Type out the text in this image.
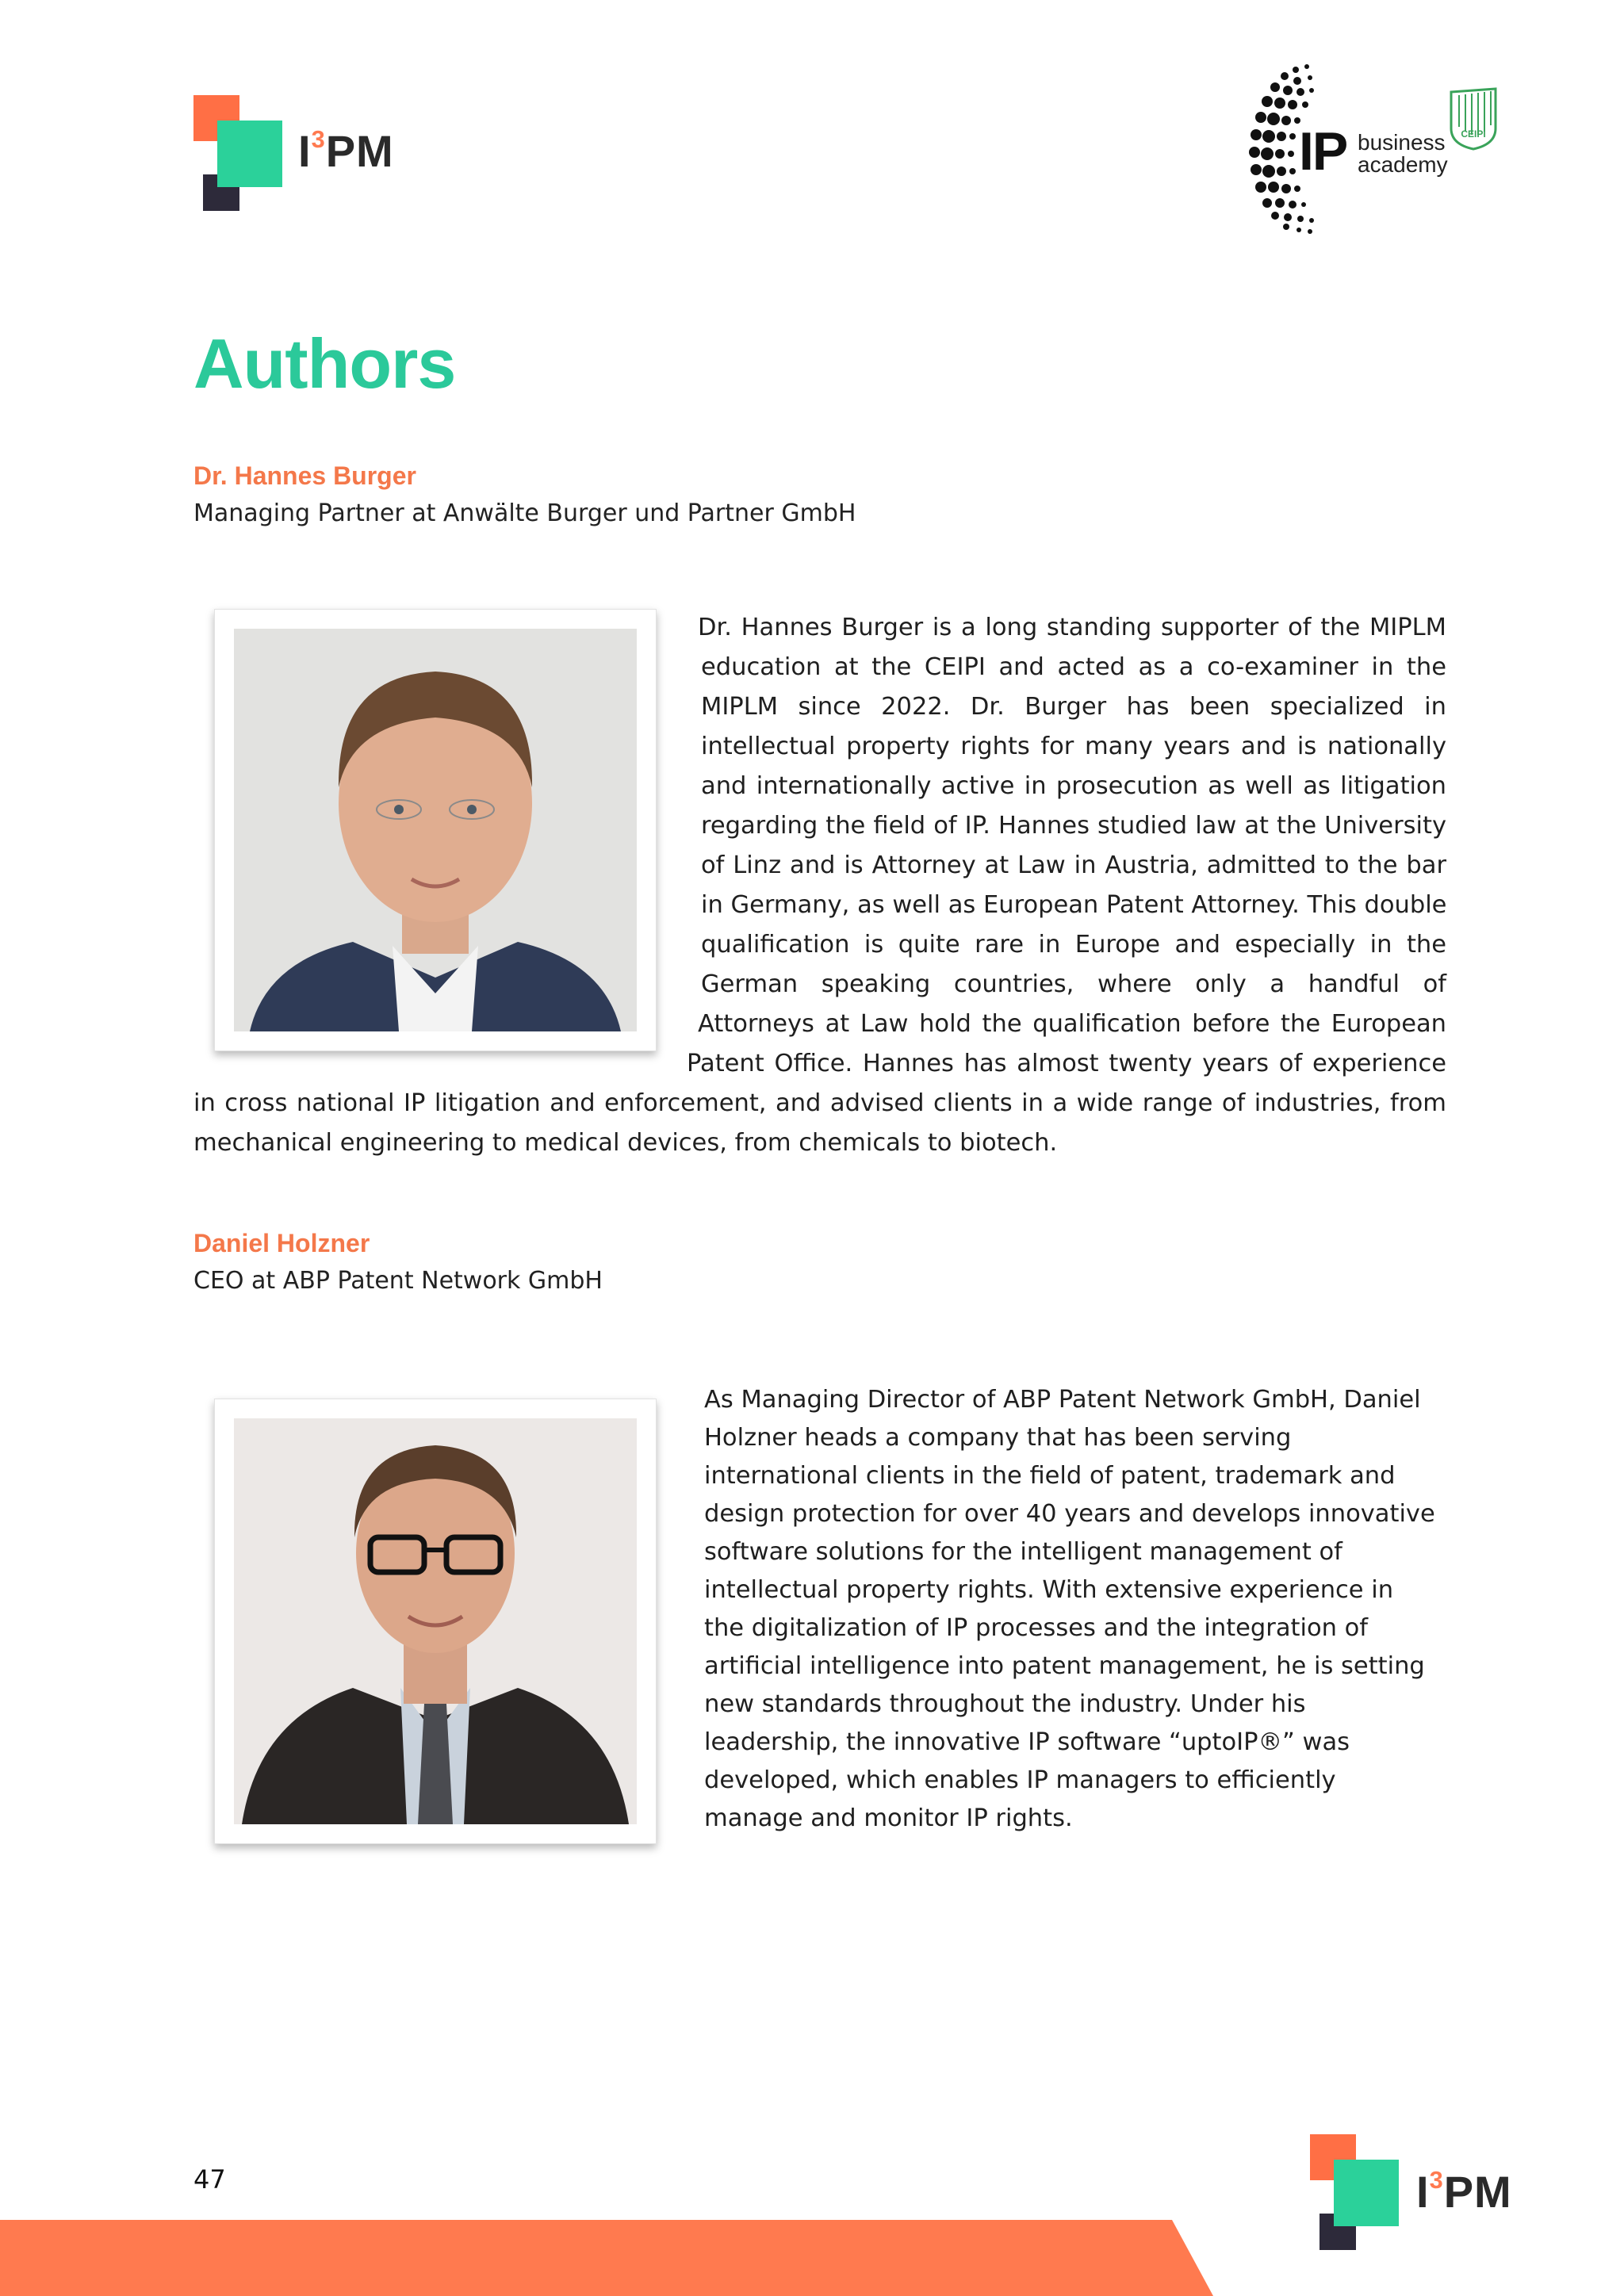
$I^3PM$	IP business
academy
CEIPI
Authors
Dr. Hannes Burger
Managing Partner at Anwälte Burger und Partner GmbH
Dr. Hannes Burger is a long standing supporter of the MIPLM
education at the CEIPI and acted as a co-examiner in the
MIPLM since 2022. Dr. Burger has been specialized in
intellectual property rights for many years and is nationally
and internationally active in prosecution as well as litigation
regarding the field of IP. Hannes studied law at the University
of Linz and is Attorney at Law in Austria, admitted to the bar
in Germany, as well as European Patent Attorney. This double
qualification is quite rare in Europe and especially in the
German speaking countries, where only a handful of
Attorneys at Law hold the qualification before the European
Patent Office. Hannes has almost twenty years of experience
in cross national IP litigation and enforcement, and advised clients in a wide range of industries, from
mechanical engineering to medical devices, from chemicals to biotech.
Daniel Holzner
CEO at ABP Patent Network GmbH
As Managing Director of ABP Patent Network GmbH, Daniel
Holzner heads a company that has been serving
international clients in the field of patent, trademark and
design protection for over 40 years and develops innovative
software solutions for the intelligent management of
intellectual property rights. With extensive experience in
the digitalization of IP processes and the integration of
artificial intelligence into patent management, he is setting
new standards throughout the industry. Under his
leadership, the innovative IP software “uptoIP®” was
developed, which enables IP managers to efficiently
manage and monitor IP rights.
47	$I^3PM$
